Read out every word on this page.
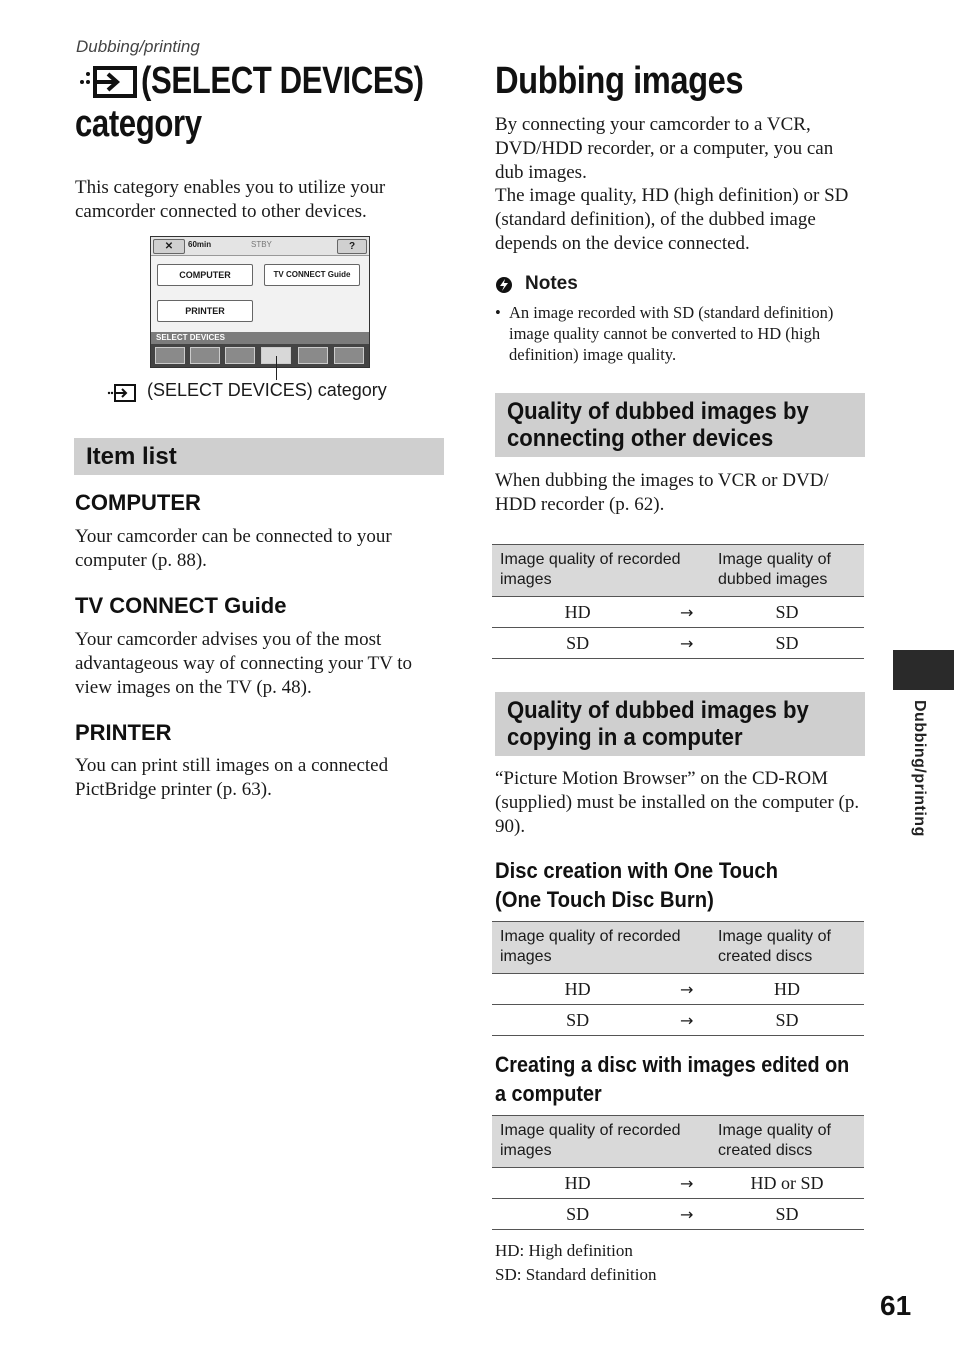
Dubbing/printing
(SELECT DEVICES)
category
This category enables you to utilize your camcorder connected to other devices.
✕	60min	STBY	?
COMPUTER	TV CONNECT Guide
PRINTER
SELECT DEVICES
(SELECT DEVICES) category
Item list
COMPUTER
Your camcorder can be connected to your computer (p. 88).
TV CONNECT Guide
Your camcorder advises you of the most advantageous way of connecting your TV to view images on the TV (p. 48).
PRINTER
You can print still images on a connected PictBridge printer (p. 63).
Dubbing images
By connecting your camcorder to a VCR, DVD/HDD recorder, or a computer, you can dub images.
The image quality, HD (high definition) or SD (standard definition), of the dubbed image depends on the device connected.
Notes
• An image recorded with SD (standard definition) image quality cannot be converted to HD (high definition) image quality.
Quality of dubbed images by connecting other devices
When dubbing the images to VCR or DVD/ HDD recorder (p. 62).
Image quality of recorded images		Image quality of dubbed images
HD	→	SD
SD	→	SD
Quality of dubbed images by copying in a computer
“Picture Motion Browser” on the CD-ROM (supplied) must be installed on the computer (p. 90).
Disc creation with One Touch (One Touch Disc Burn)
Image quality of recorded images		Image quality of created discs
HD	→	HD
SD	→	SD
Creating a disc with images edited on a computer
Image quality of recorded images		Image quality of created discs
HD	→	HD or SD
SD	→	SD
HD: High definition
SD: Standard definition
Dubbing/printing
61
